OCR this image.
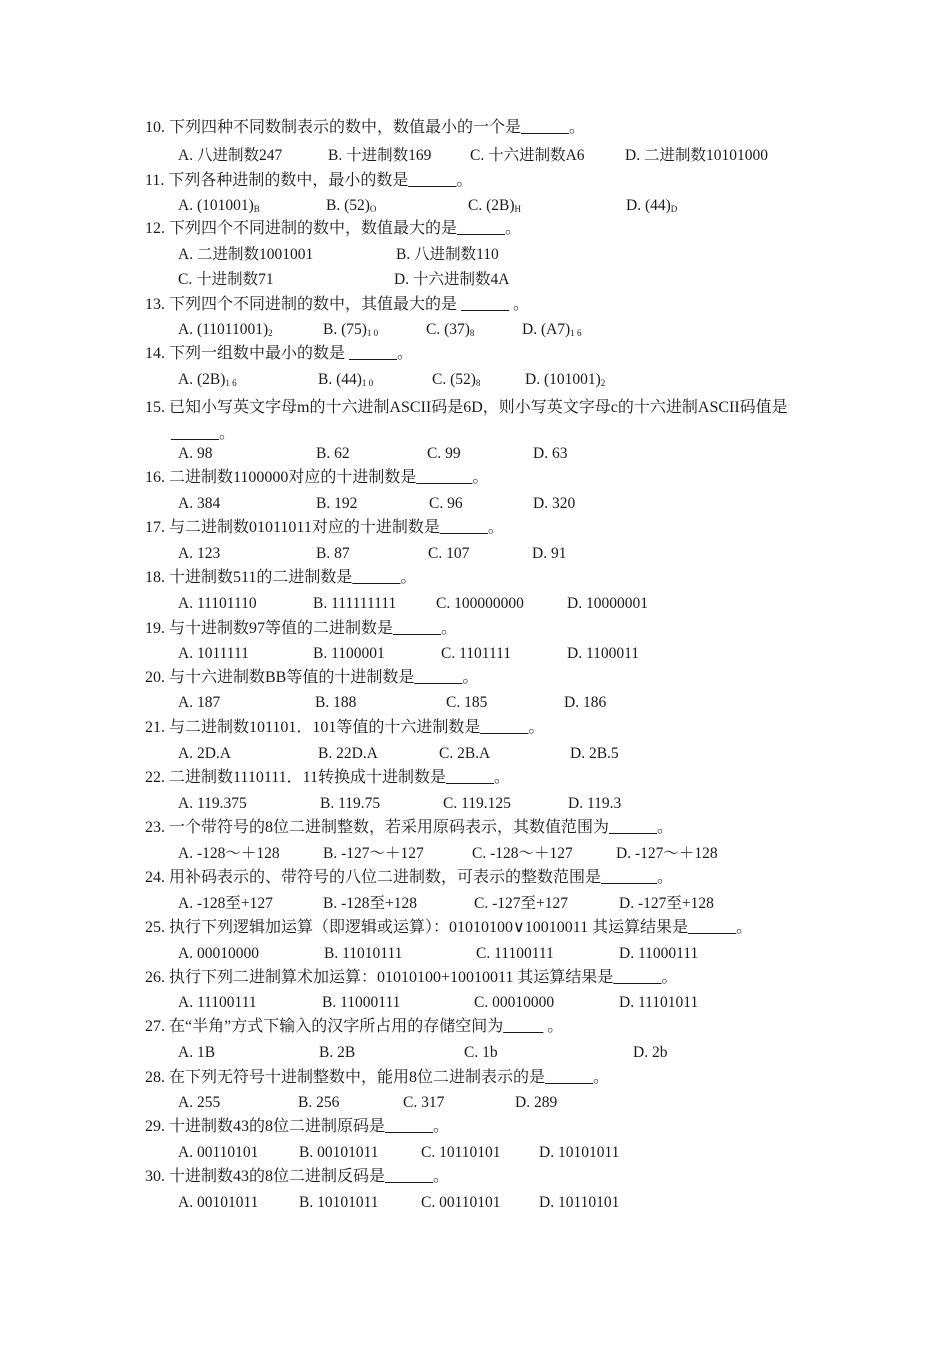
10. 下列四种不同数制表示的数中，数值最小的一个是______。
A. 八进制数247	B. 十进制数169 C. 十六进制数A6	D. 二进制数10101000
11. 下列各种进制的数中，最小的数是______。
A. $(101001)_B$	B. $(52)_O$	C. $(2B)_H$	D. $(44)_D$
12. 下列四个不同进制的数中，数值最大的是______。
A. 二进制数1001001	B. 八进制数110
C. 十进制数71	D. 十六进制数4A
13. 下列四个不同进制的数中，其值最大的是 ______ 。
A. $(11011001)_2$	B. $(75)_{1 0}$	C. $(37)_8$	D. $(A7)_{1 6}$
14. 下列一组数中最小的数是 ______。
A. $(2B)_{1 6}$	B. $(44)_{1 0}$	C. $(52)_8$	D. $(101001)_2$
15. 已知小写英文字母m的十六进制ASCII码是6D，则小写英文字母c的十六进制ASCII码值是______。
A. 98	B. 62	C. 99	D. 63
16. 二进制数1100000对应的十进制数是_______。
A. 384	B. 192	C. 96	D. 320
17. 与二进制数01011011对应的十进制数是______。
A. 123	B. 87	C. 107	D. 91
18. 十进制数511的二进制数是______。
A. 11101110	B. 111111111	C. 100000000	D. 10000001
19. 与十进制数97等值的二进制数是______。
A. 1011111	B. 1100001	C. 1101111	D. 1100011
20. 与十六进制数BB等值的十进制数是______。
A. 187	B. 188	C. 185	D. 186
21. 与二进制数101101．101等值的十六进制数是______。
A. 2D.A	B. 22D.A	C. 2B.A	D. 2B.5
22. 二进制数1110111．11转换成十进制数是______。
A. 119.375	B. 119.75	C. 119.125	D. 119.3
23. 一个带符号的8位二进制整数，若采用原码表示，其数值范围为______。
A. -128～＋128	B. -127～＋127	C. -128～＋127	D. -127～＋128
24. 用补码表示的、带符号的八位二进制数，可表示的整数范围是_______。
A. -128至+127	B. -128至+128	C. -127至+127	D. -127至+128
25. 执行下列逻辑加运算（即逻辑或运算）：01010100∨10010011 其运算结果是______。
A. 00010000	B. 11010111	C. 11100111	D. 11000111
26. 执行下列二进制算术加运算：01010100+10010011 其运算结果是______。
A. 11100111	B. 11000111	C. 00010000	D. 11101011
27. 在“半角”方式下输入的汉字所占用的存储空间为_____ 。
A. 1B	B. 2B	C. 1b	D. 2b
28. 在下列无符号十进制整数中，能用8位二进制表示的是______。
A. 255	B. 256	C. 317	D. 289
29. 十进制数43的8位二进制原码是______。
A. 00110101	B. 00101011	C. 10110101 D. 10101011
30. 十进制数43的8位二进制反码是______。
A. 00101011	B. 10101011	C. 00110101 D. 10110101
